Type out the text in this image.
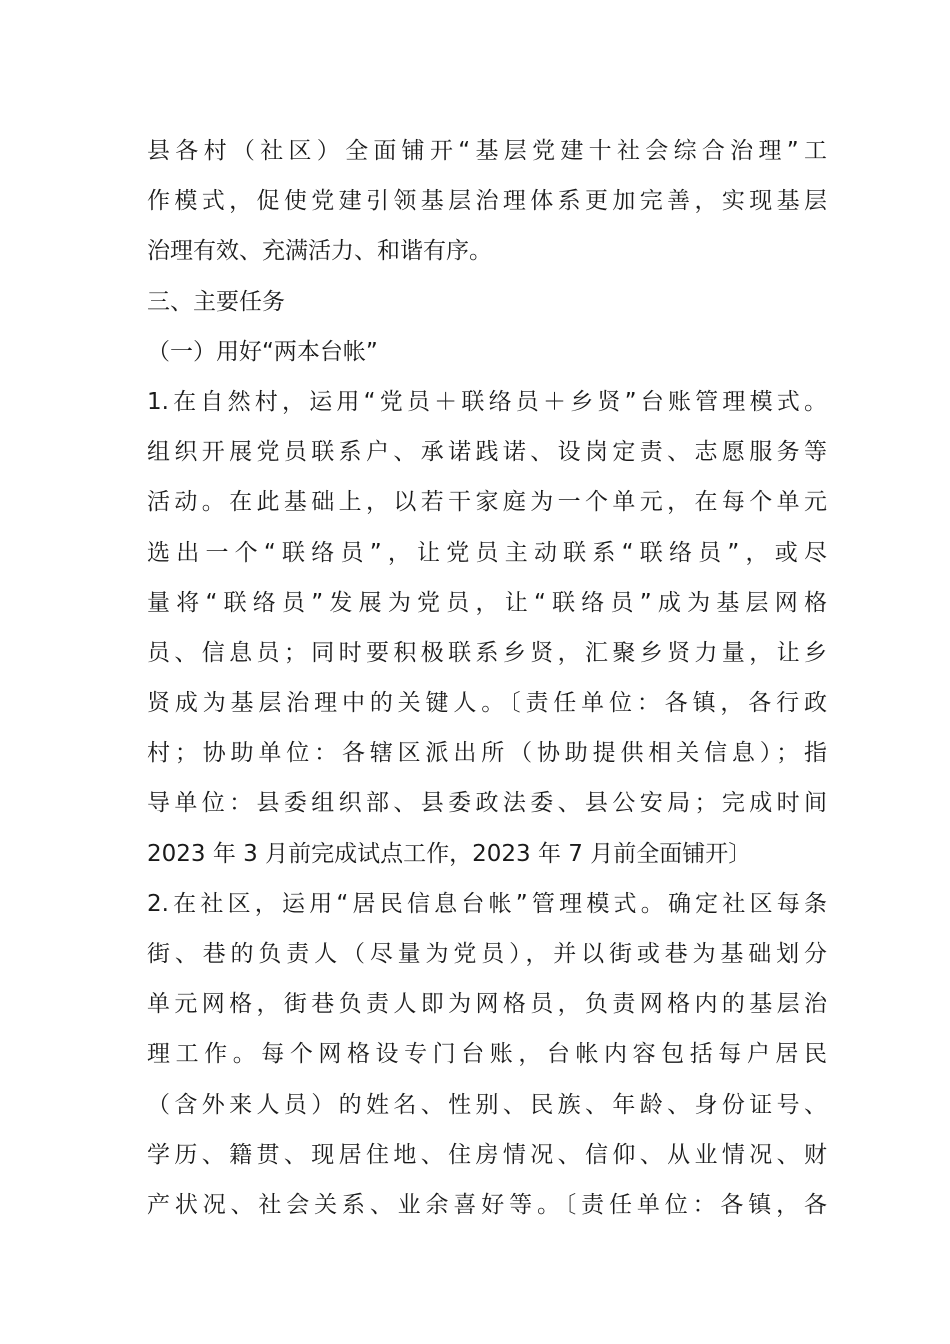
县各村（社区）全面铺开“基层党建十社会综合治理”工
作模式，促使党建引领基层治理体系更加完善，实现基层
治理有效、充满活力、和谐有序。
三、主要任务
（一）用好“两本台帐”
1.在自然村，运用“党员＋联络员＋乡贤”台账管理模式。
组织开展党员联系户、承诺践诺、设岗定责、志愿服务等
活动。在此基础上，以若干家庭为一个单元，在每个单元
选出一个“联络员”，让党员主动联系“联络员”，或尽
量将“联络员”发展为党员，让“联络员”成为基层网格
员、信息员；同时要积极联系乡贤，汇聚乡贤力量，让乡
贤成为基层治理中的关键人。〔责任单位：各镇，各行政
村；协助单位：各辖区派出所（协助提供相关信息）；指
导单位：县委组织部、县委政法委、县公安局；完成时间
2023 年 3 月前完成试点工作，2023 年 7 月前全面铺开〕
2.在社区，运用“居民信息台帐”管理模式。确定社区每条
街、巷的负责人（尽量为党员），并以街或巷为基础划分
单元网格，街巷负责人即为网格员，负责网格内的基层治
理工作。每个网格设专门台账，台帐内容包括每户居民
（含外来人员）的姓名、性别、民族、年龄、身份证号、
学历、籍贯、现居住地、住房情况、信仰、从业情况、财
产状况、社会关系、业余喜好等。〔责任单位：各镇，各
